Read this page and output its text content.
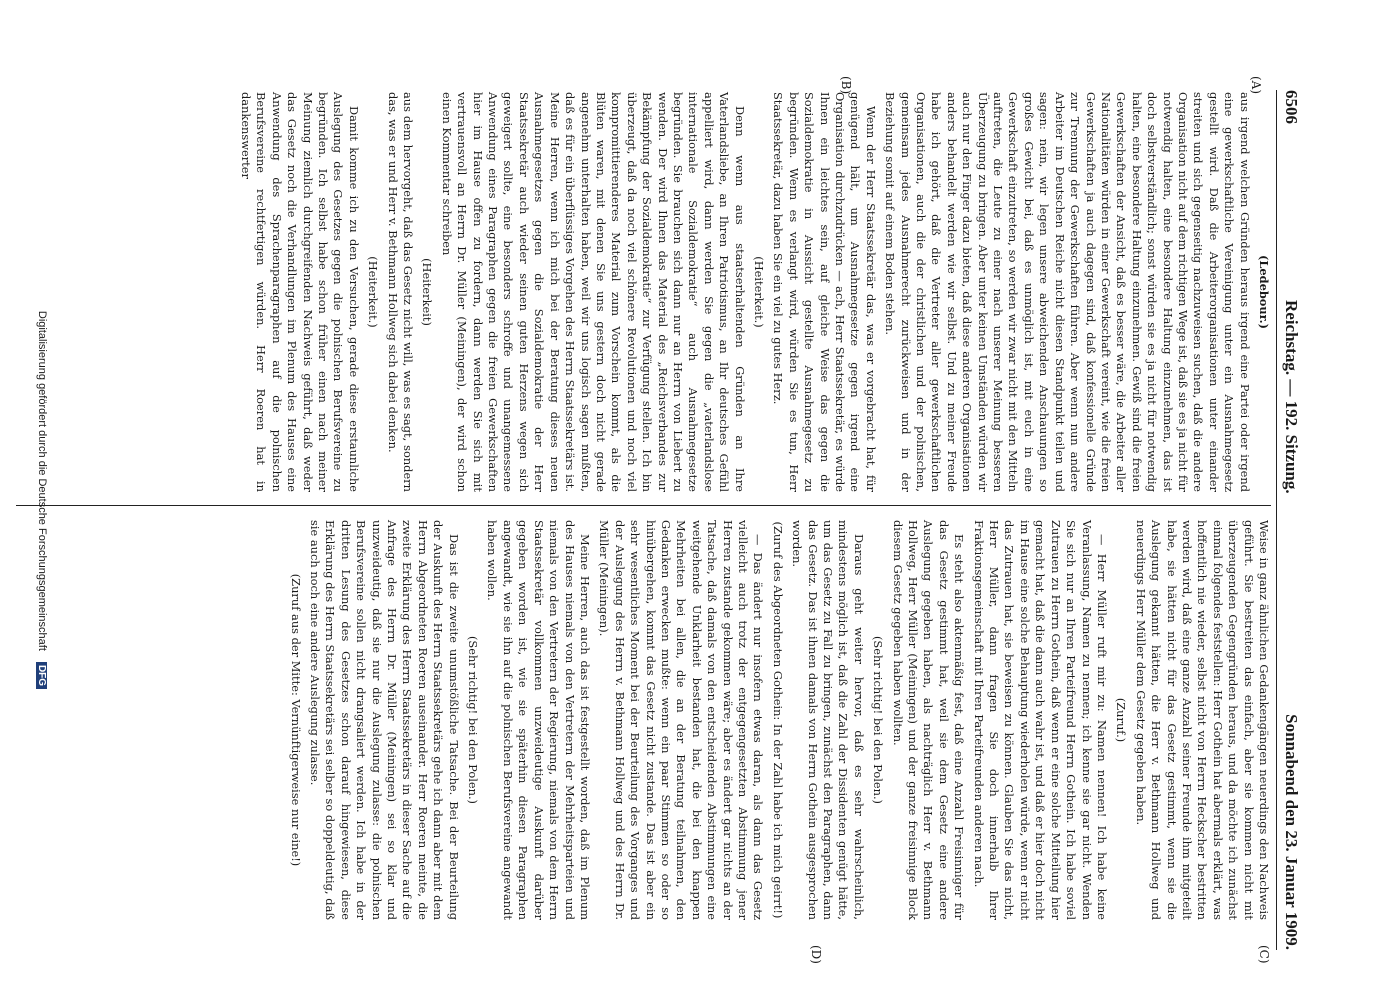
6506
Reichstag. — 192. Sitzung.
Sonnabend den 23. Januar 1909.
(A)
(B)
(C)
(D)

(Ledebour.)

aus irgend welchen Gründen heraus irgend eine Partei oder irgend eine gewerkschaftliche Vereinigung unter ein Ausnahmegesetz gestellt wird. Daß die Arbeiterorganisationen unter einander streiten und sich gegenseitig nachzuweisen suchen, daß die andere Organisation nicht auf dem richtigen Wege ist, daß sie es ja nicht für notwendig halten, eine besondere Haltung einzunehmen, das ist doch selbstverständlich; sonst würden sie es ja nicht für notwendig halten, eine besondere Haltung einzunehmen. Gewiß sind die freien Gewerkschaften der Ansicht, daß es besser wäre, die Arbeiter aller Nationalitäten würden in einer Gewerkschaft vereint, wie die freien Gewerkschaften ja auch dagegen sind, daß konfessionelle Gründe zur Trennung der Gewerkschaften führen. Aber wenn nun andere Arbeiter im Deutschen Reiche nicht diesen Standpunkt teilen und sagen: nein, wir legen unsere abweichenden Anschauungen so großes Gewicht bei, daß es unmöglich ist, mit euch in eine Gewerkschaft einzutreten, so werden wir zwar nicht mit den Mitteln auftreten, die Leute zu einer nach unserer Meinung besseren Überzeugung zu bringen. Aber unter keinen Umständen würden wir auch nur den Finger dazu bieten, daß diese anderen Organisationen anders behandelt werden wie wir selbst. Und zu meiner Freude habe ich gehört, daß die Vertreter aller gewerkschaftlichen Organisationen, auch die der christlichen und der polnischen, gemeinsam jedes Ausnahmerecht zurückweisen und in der Beziehung somit auf einem Boden stehen.

Wenn der Herr Staatssekretär das, was er vorgebracht hat, für genügend hält, um Ausnahmegesetze gegen irgend eine Organisation durchzudrücken — ach, Herr Staatssekretär, es würde Ihnen ein leichtes sein, auf gleiche Weise das gegen die Sozialdemokratie in Aussicht gestellte Ausnahmegesetz zu begründen. Wenn es verlangt wird, würden Sie es tun, Herr Staatssekretär, dazu haben Sie ein viel zu gutes Herz.

(Heiterkeit.)

Denn wenn aus staatserhaltenden Gründen an Ihre Vaterlandsliebe, an Ihren Patriotismus, an Ihr deutsches Gefühl appelliert wird, dann werden Sie gegen die „vaterlandslose internationale Sozialdemokratie“ auch Ausnahmegesetze begründen. Sie brauchen sich dann nur an Herrn von Liebert zu wenden. Der wird Ihnen das Material des „Reichsverbandes zur Bekämpfung der Sozialdemokratie“ zur Verfügung stellen. Ich bin überzeugt, daß da noch viel schönere Revolutionen und noch viel kompromittierenderes Material zum Vorschein kommt, als die Blüten waren, mit denen Sie uns gestern doch nicht gerade angenehm unterhalten haben, weil wir uns logisch sagen mußten, daß es für ein überflüssiges Vorgehen des Herrn Staatssekretärs ist. Meine Herren, wenn ich mich bei der Beratung dieses neuen Ausnahmegesetzes gegen die Sozialdemokratie der Herr Staatssekretär auch wieder seinen guten Herzens wegen sich geweigert sollte, eine besonders schroffe und unangemessene Anwendung eines Paragraphen gegen die freien Gewerkschaften hier im Hause offen zu fordern, dann werden Sie sich mit vertrauensvoll an Herrn Dr. Müller (Meiningen), der wird schon einen Kommentar schreiben

(Heiterkeit)

aus dem hervorgeht, daß das Gesetz nicht will, was es sagt, sondern das, was er und Herr v. Bethmann Hollweg sich dabei denken.

(Heiterkeit.)

Damit komme ich zu den Versuchen, gerade diese erstaunliche Auslegung des Gesetzes gegen die polnischen Berufsvereine zu begründen. Ich selbst habe schon früher einen nach meiner Meinung ziemlich durchgreifenden Nachweis geführt, daß weder das Gesetz noch die Verhandlungen im Plenum des Hauses eine Anwendung des Sprachenparagraphen auf die polnischen Berufsvereine rechtfertigen würden. Herr Roeren hat in dankenswerter

Weise in ganz ähnlichen Gedankengängen neuerdings den Nachweis geführt. Sie bestreiten das einfach, aber sie kommen nicht mit überzeugenden Gegengründen heraus, und da möchte ich zunächst einmal folgendes feststellen: Herr Gothein hat abermals erklärt, was hoffentlich nie wieder, selbst nicht von Herrn Heckscher bestritten werden wird, daß eine ganze Anzahl seiner Freunde ihm mitgeteilt habe, sie hätten nicht für das Gesetz gestimmt, wenn sie die Auslegung gekannt hätten, die Herr v. Bethmann Hollweg und neuerdings Herr Müller dem Gesetz gegeben haben.

(Zuruf.)

— Herr Müller ruft mir zu: Namen nennen! Ich habe keine Veranlassung, Namen zu nennen; ich kenne sie gar nicht. Wenden Sie sich nur an Ihren Parteifreund Herrn Gothein. Ich habe soviel Zutrauen zu Herrn Gothein, daß wenn er eine solche Mitteilung hier gemacht hat, daß die dann auch wahr ist, und daß er hier doch nicht im Hause eine solche Behauptung wiederholen würde, wenn er nicht das Zutrauen hat, sie beweisen zu können. Glauben Sie das nicht, Herr Müller, dann fragen Sie doch innerhalb Ihrer Fraktionsgemeinschaft mit Ihren Parteifreunden anderen nach.

Es steht also aktenmäßig fest, daß eine Anzahl Freisinniger für das Gesetz gestimmt hat, weil sie dem Gesetz eine andere Auslegung gegeben haben, als nachträglich Herr v. Bethmann Hollweg, Herr Müller (Meiningen) und der ganze freisinnige Block diesem Gesetz gegeben haben wollten.

(Sehr richtig! bei den Polen.)

Daraus geht weiter hervor, daß es sehr wahrscheinlich, mindestens möglich ist, daß die Zahl der Dissidenten genügt hätte, um das Gesetz zu Fall zu bringen, zunächst den Paragraphen, dann das Gesetz. Das ist ihnen damals von Herrn Gothein ausgesprochen worden.

(Zuruf des Abgeordneten Gothein: In der Zahl habe ich mich geirrt!)

— Das ändert nur insofern etwas daran, als dann das Gesetz vielleicht auch trotz der entgegengesetzten Abstimmung jener Herren zustande gekommen wäre; aber es ändert gar nichts an der Tatsache, daß damals von den entscheidenden Abstimmungen eine weitgehende Unklarheit bestanden hat, die bei den knappen Mehrheiten bei allen, die an der Beratung teilnahmen, den Gedanken erwecken mußte: wenn ein paar Stimmen so oder so hinübergehen, kommt das Gesetz nicht zustande. Das ist aber ein sehr wesentliches Moment bei der Beurteilung des Vorganges und der Auslegung des Herrn v. Bethmann Hollweg und des Herrn Dr. Müller (Meiningen).

Meine Herren, auch das ist festgestellt worden, daß im Plenum des Hauses niemals von den Vertretern der Mehrheitsparteien und niemals von den Vertretern der Regierung, niemals von dem Herrn Staatssekretär vollkommen unzweideutige Auskunft darüber gegeben worden ist, wie sie späterhin diesen Paragraphen angewandt, wie sie ihn auf die polnischen Berufsvereine angewandt haben wollen.

(Sehr richtig! bei den Polen.)

Das ist die zweite unumstößliche Tatsache. Bei der Beurteilung der Auskunft des Herrn Staatssekretärs gehe ich dann aber mit dem Herrn Abgeordneten Roeren auseinander. Herr Roeren meinte, die zweite Erklärung des Herrn Staatssekretärs in dieser Sache auf die Anfrage des Herrn Dr. Müller (Meiningen) sei so klar und unzweideutig, daß sie nur die Auslegung zulasse: die polnischen Berufsvereine sollen nicht drangsaliert werden. Ich habe in der dritten Lesung des Gesetzes schon darauf hingewiesen, diese Erklärung des Herrn Staatssekretärs sei selber so doppeldeutig, daß sie auch noch eine andere Auslegung zulasse.

(Zuruf aus der Mitte: Vernünftigerweise nur eine!)

Digitalisierung gefördert durch die Deutsche Forschungsgemeinschaft DFG
